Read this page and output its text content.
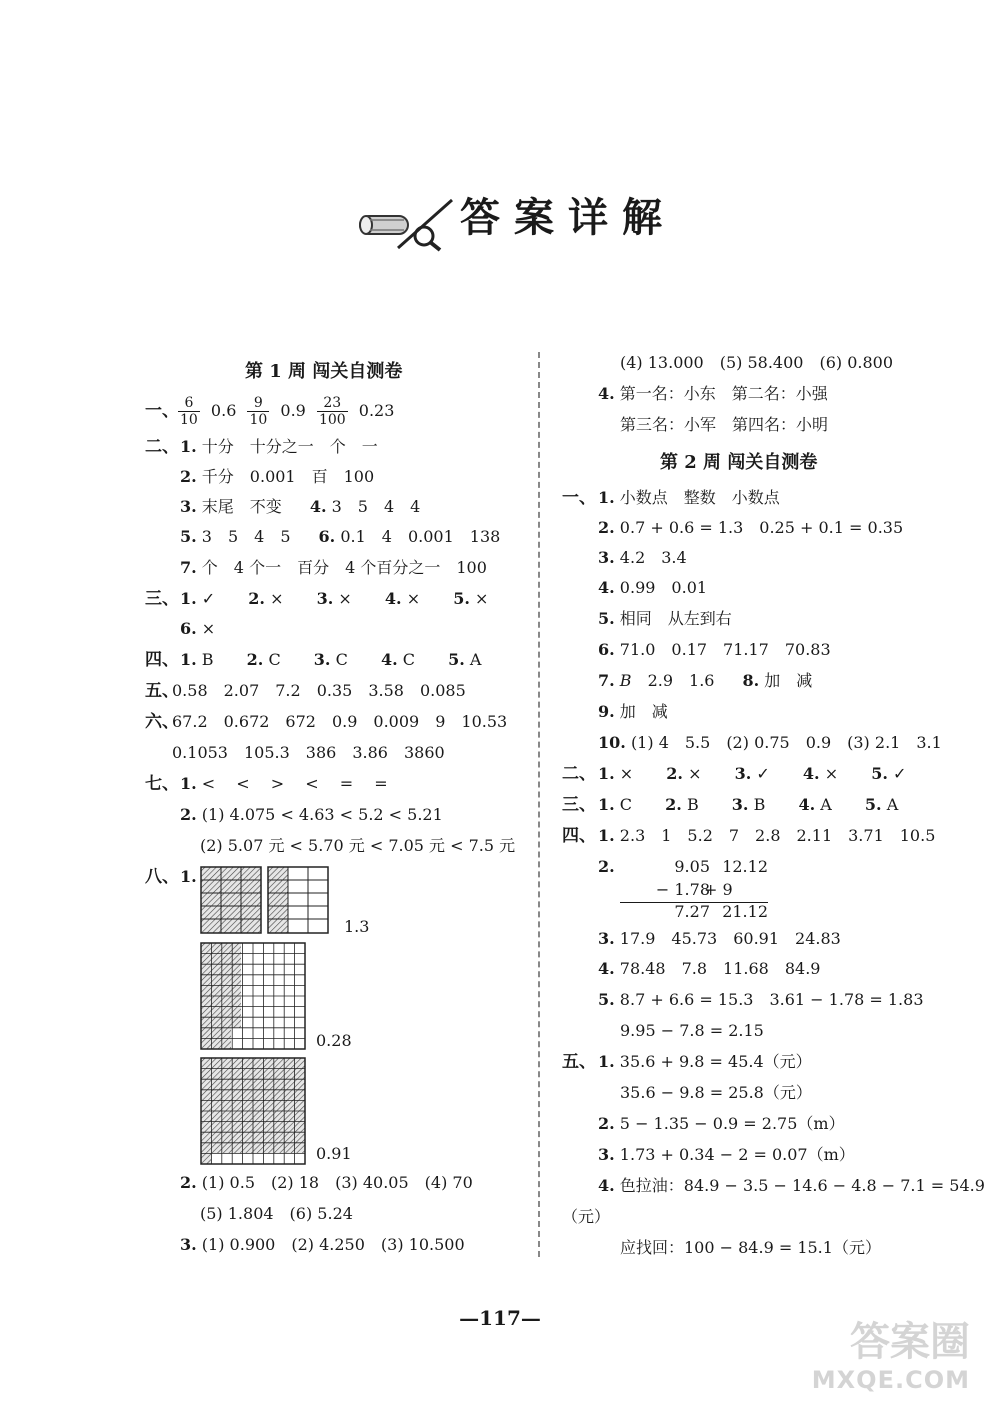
答案详解
第 1 周 闯关自测卷
一、 $\frac{6}{10} 0.6 \frac{9}{10} 0.9 \frac{23}{100} 0.23$
二、 1. 十分　十分之一　个　一
2. 千分　0.001　百　100
3. 末尾　不变 4. 3　5　4　4
5. 3　5　4　5 6. 0.1　4　0.001　138
7. 个　4 个一　百分　4 个百分之一　100
三、 1. ✓ 2. × 3. × 4. × 5. ×
6. ×
四、 1. B 2. C 3. C 4. C 5. A
五、
0.58　2.07　7.2　0.35　3.58　0.085
六、
67.2　0.672　672　0.9　0.009　9　10.53
0.1053　105.3　386　3.86　3860
七、 1. <　 <　 >　 <　 =　 =
2. (1) 4.075 < 4.63 < 5.2 < 5.21
(2) 5.07 元 < 5.70 元 < 7.05 元 < 7.5 元
八、 1.
1.3
0.28
0.91
2. (1) 0.5　(2) 18　(3) 40.05　(4) 70
(5) 1.804　(6) 5.24
3. (1) 0.900　(2) 4.250　(3) 10.500
(4) 13.000　(5) 58.400　(6) 0.800
4. 第一名：小东　第二名：小强
第三名：小军　第四名：小明
第 2 周 闯关自测卷
一、 1. 小数点　整数　小数点
2. 0.7 + 0.6 = 1.3　0.25 + 0.1 = 0.35
3. 4.2　3.4
4. 0.99　0.01
5. 相同　从左到右
6. 71.0　0.17　71.17　70.83
7. B　 2.9　1.6 8. 加　减
9. 加　减
10. (1) 4　5.5　(2) 0.75　0.9　(3) 2.1　3.1
二、 1. × 2. × 3. ✓ 4. × 5. ✓
三、 1. C 2. B 3. B 4. A 5. A
四、 1. 2.3　1　5.2　7　2.8　2.11　3.71　10.5
2.	9.05
− 1.78
7.27
12.12
+ 9
21.12
3. 17.9　45.73　60.91　24.83
4. 78.48　7.8　11.68　84.9
5. 8.7 + 6.6 = 15.3　3.61 − 1.78 = 1.83
9.95 − 7.8 = 2.15
五、 1. 35.6 + 9.8 = 45.4（元）
35.6 − 9.8 = 25.8（元）
2. 5 − 1.35 − 0.9 = 2.75（m）
3. 1.73 + 0.34 − 2 = 0.07（m）
4. 色拉油：84.9 − 3.5 − 14.6 − 4.8 − 7.1 = 54.9
（元）
应找回：100 − 84.9 = 15.1（元）
—117—
答案圈
MXQE.COM
